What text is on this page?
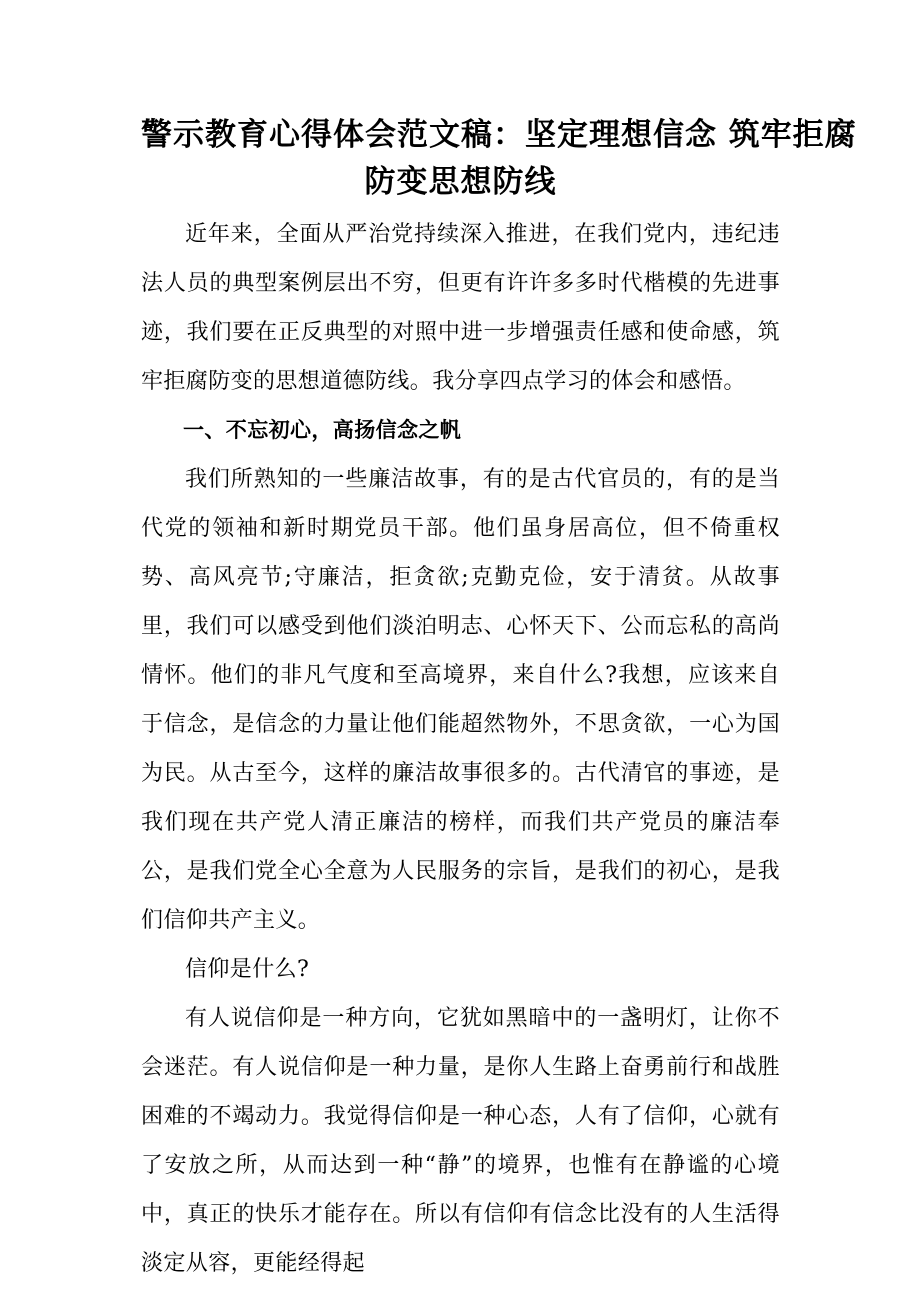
警示教育心得体会范文稿：坚定理想信念 筑牢拒腐
防变思想防线

近年来，全面从严治党持续深入推进，在我们党内，违纪违法人员的典型案例层出不穷，但更有许许多多时代楷模的先进事迹，我们要在正反典型的对照中进一步增强责任感和使命感，筑牢拒腐防变的思想道德防线。我分享四点学习的体会和感悟。

一、不忘初心，高扬信念之帆

我们所熟知的一些廉洁故事，有的是古代官员的，有的是当代党的领袖和新时期党员干部。他们虽身居高位，但不倚重权势、高风亮节;守廉洁，拒贪欲;克勤克俭，安于清贫。从故事里，我们可以感受到他们淡泊明志、心怀天下、公而忘私的高尚情怀。他们的非凡气度和至高境界，来自什么?我想，应该来自于信念，是信念的力量让他们能超然物外，不思贪欲，一心为国为民。从古至今，这样的廉洁故事很多的。古代清官的事迹，是我们现在共产党人清正廉洁的榜样，而我们共产党员的廉洁奉公，是我们党全心全意为人民服务的宗旨，是我们的初心，是我们信仰共产主义。

信仰是什么?

有人说信仰是一种方向，它犹如黑暗中的一盏明灯，让你不会迷茫。有人说信仰是一种力量，是你人生路上奋勇前行和战胜困难的不竭动力。我觉得信仰是一种心态，人有了信仰，心就有了安放之所，从而达到一种“静”的境界，也惟有在静谧的心境中，真正的快乐才能存在。所以有信仰有信念比没有的人生活得淡定从容，更能经得起
